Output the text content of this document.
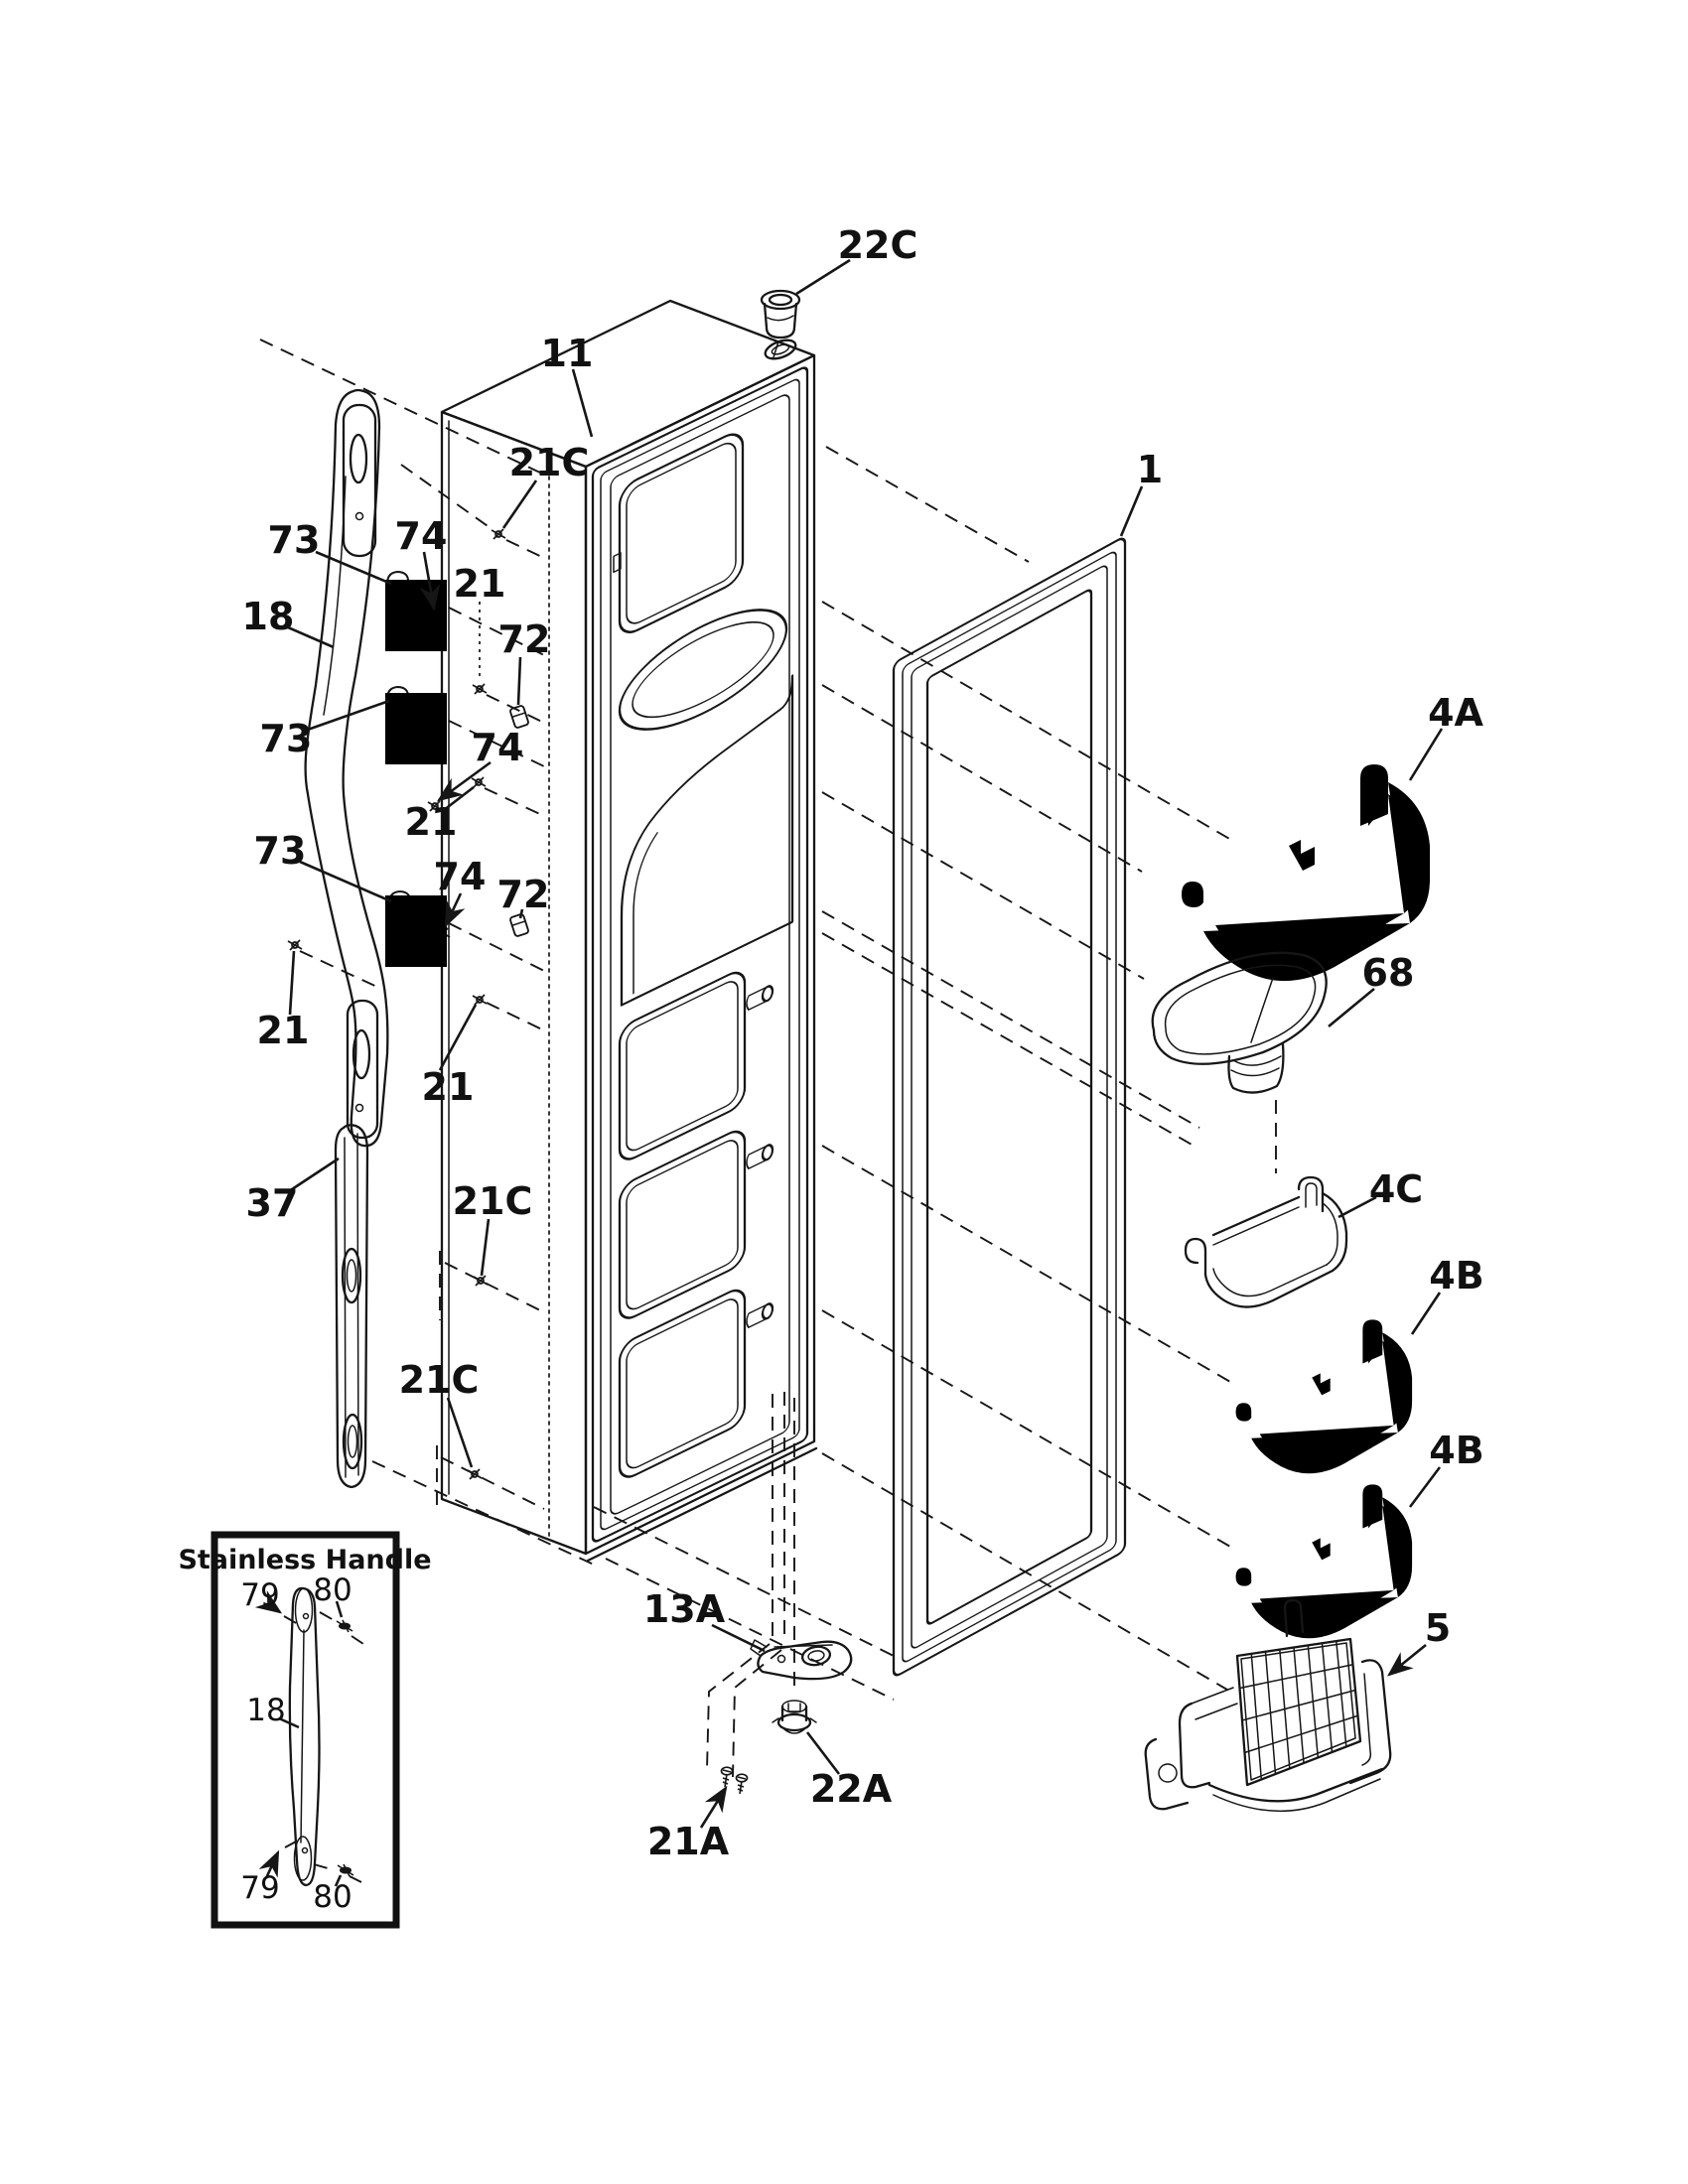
22C
11
21C
73 74
18
21
72
73	74
21
73
74 72
21
21
37	21C
21C
1
4A
68
4C
4B
4B
5
13A
22A
21A
Stainless Handle
79 80
18
79 80
